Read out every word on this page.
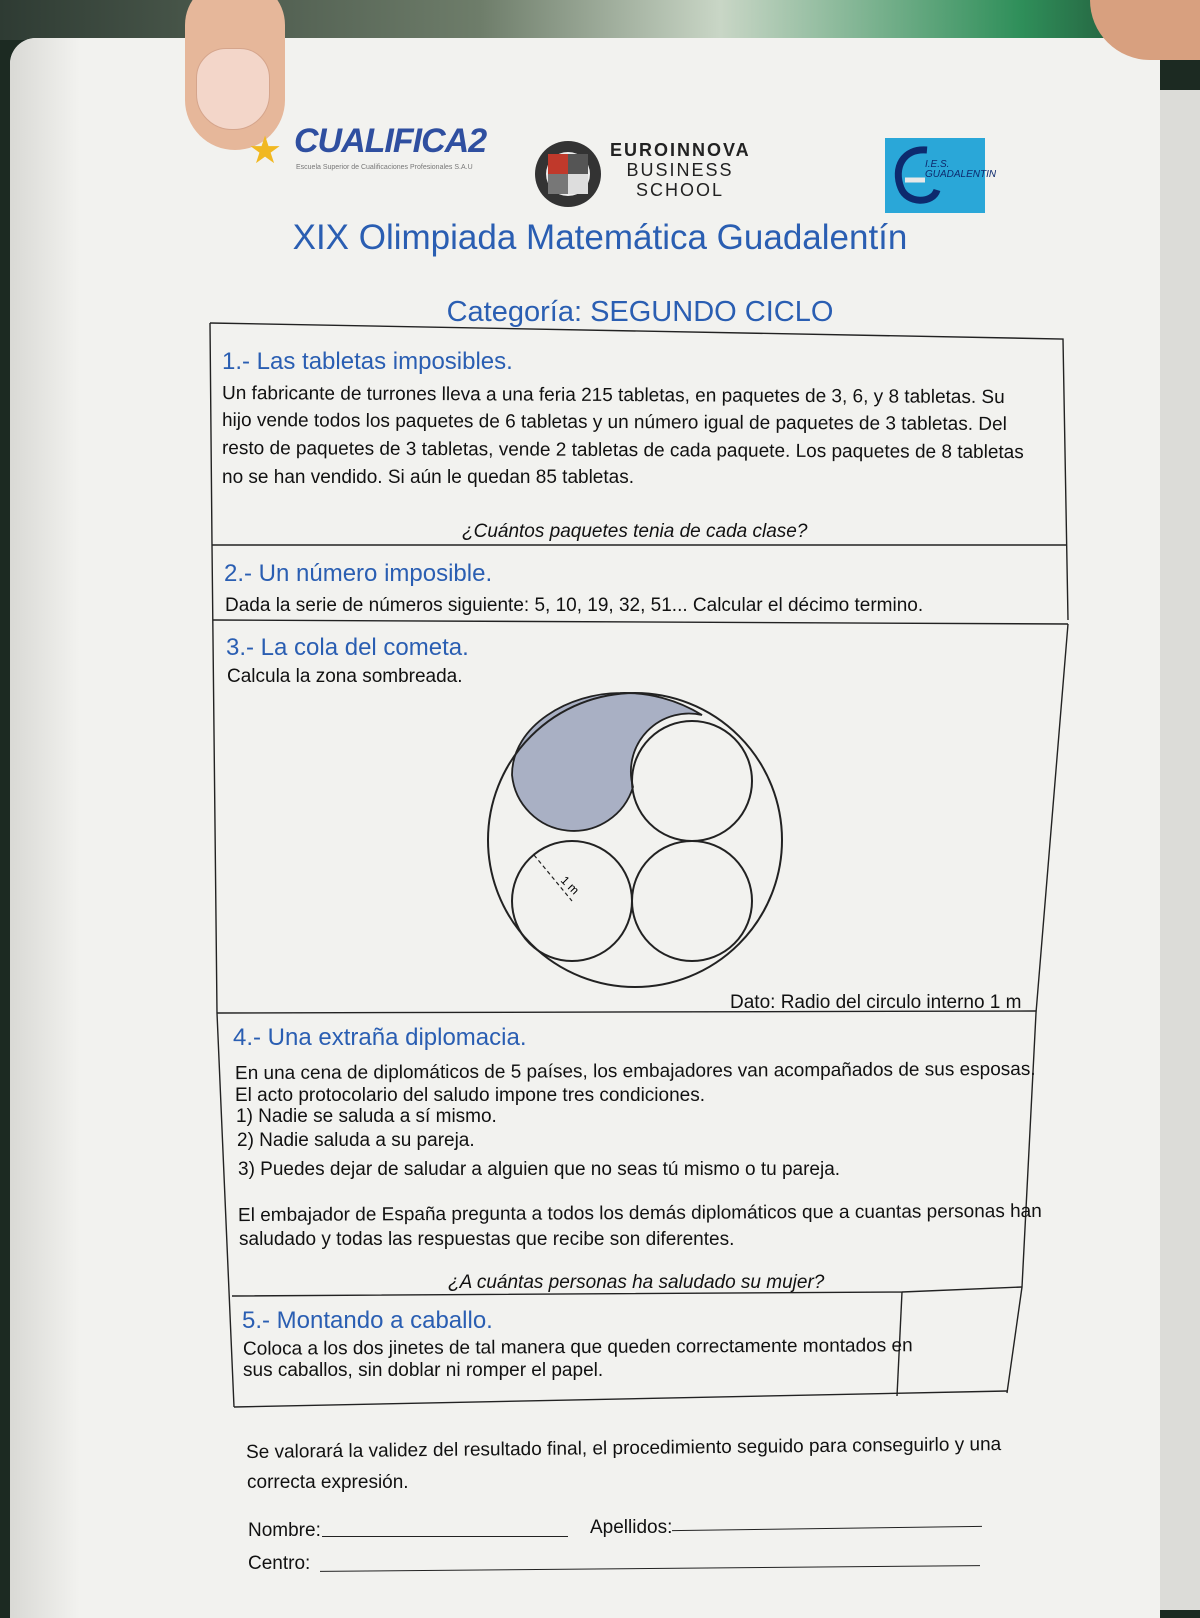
★ CUALIFICA2
Escuela Superior de Cualificaciones Profesionales S.A.U
EUROINNOVA
BUSINESS
SCHOOL
I.E.S. GUADALENTIN
XIX Olimpiada Matemática Guadalentín
Categoría: SEGUNDO CICLO
1.- Las tabletas imposibles.
Un fabricante de turrones lleva a una feria 215 tabletas, en paquetes de 3, 6, y 8 tabletas. Su
hijo vende todos los paquetes de 6 tabletas y un número igual de paquetes de 3 tabletas. Del
resto de paquetes de 3 tabletas, vende 2 tabletas de cada paquete. Los paquetes de 8 tabletas
no se han vendido. Si aún le quedan 85 tabletas.
¿Cuántos paquetes tenia de cada clase?
2.- Un número imposible.
Dada la serie de números siguiente: 5, 10, 19, 32, 51... Calcular el décimo termino.
3.- La cola del cometa.
Calcula la zona sombreada.
1 m
Dato: Radio del circulo interno 1 m
4.- Una extraña diplomacia.
En una cena de diplomáticos de 5 países, los embajadores van acompañados de sus esposas.
El acto protocolario del saludo impone tres condiciones.
1) Nadie se saluda a sí mismo.
2) Nadie saluda a su pareja.
3) Puedes dejar de saludar a alguien que no seas tú mismo o tu pareja.
El embajador de España pregunta a todos los demás diplomáticos que a cuantas personas han
saludado y todas las respuestas que recibe son diferentes.
¿A cuántas personas ha saludado su mujer?
5.- Montando a caballo.
Coloca a los dos jinetes de tal manera que queden correctamente montados en
sus caballos, sin doblar ni romper el papel.
Se valorará la validez del resultado final, el procedimiento seguido para conseguirlo y una
correcta expresión.
Nombre:	Apellidos:
Centro:
